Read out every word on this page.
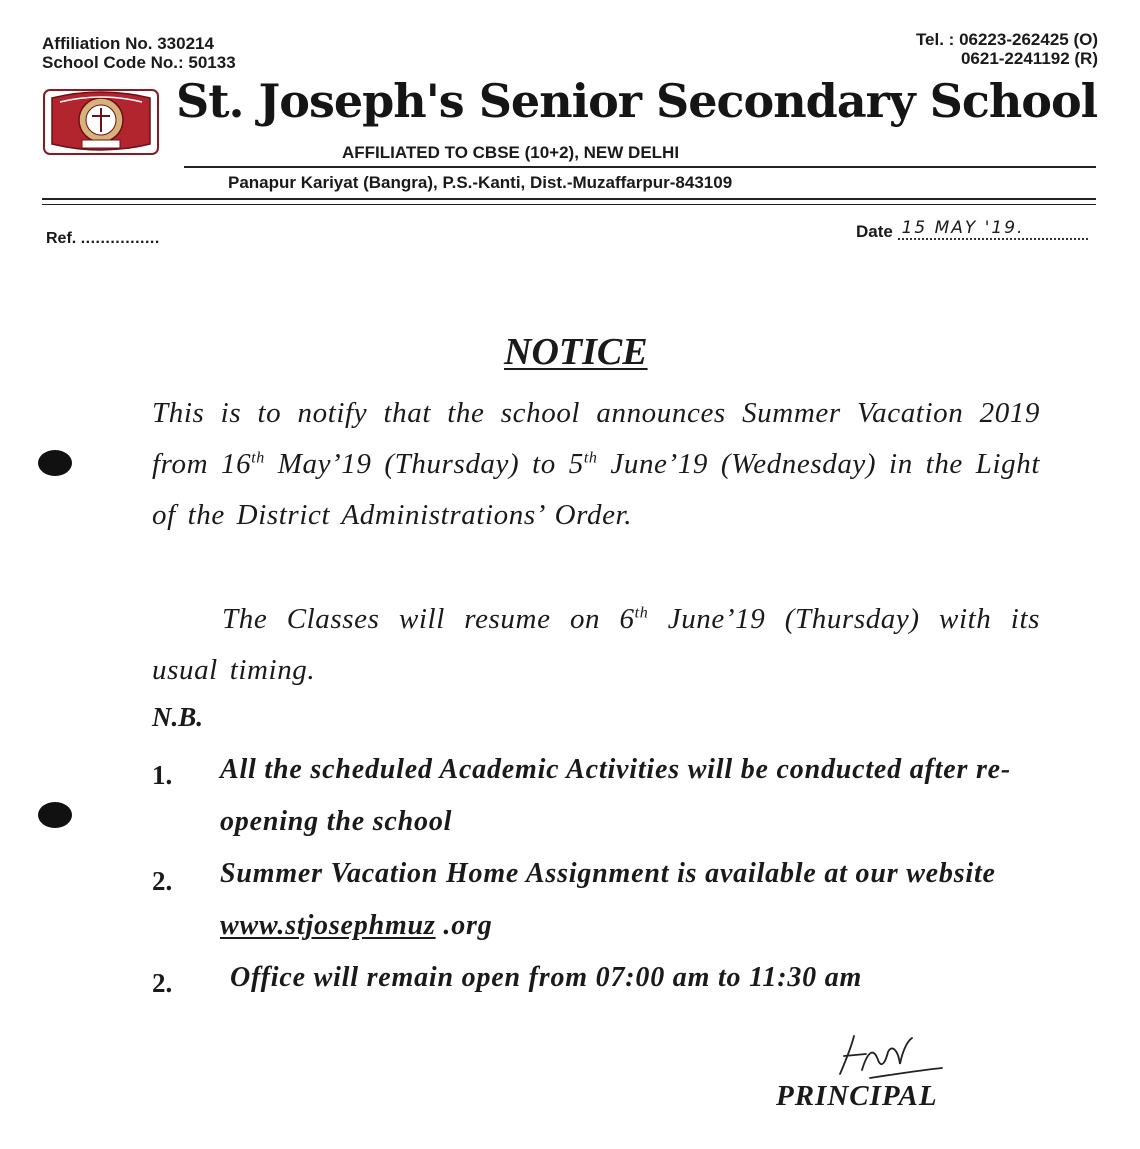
Affiliation No. 330214
School Code No.: 50133
Tel. : 06223-262425 (O)
0621-2241192 (R)
St. Joseph's Senior Secondary School
AFFILIATED TO CBSE (10+2), NEW DELHI
Panapur Kariyat (Bangra), P.S.-Kanti, Dist.-Muzaffarpur-843109
Ref. ................	Date 15 MAY '19.
NOTICE
This is to notify that the school announces Summer Vacation 2019 from 16th May’19 (Thursday) to 5th June’19 (Wednesday) in the Light of the District Administrations’ Order.
The Classes will resume on 6th June’19 (Thursday) with its usual timing.
N.B.
1. All the scheduled Academic Activities will be conducted after re-opening the school
2. Summer Vacation Home Assignment is available at our website www.stjosephmuz .org
2. Office will remain open from 07:00 am to 11:30 am
PRINCIPAL
